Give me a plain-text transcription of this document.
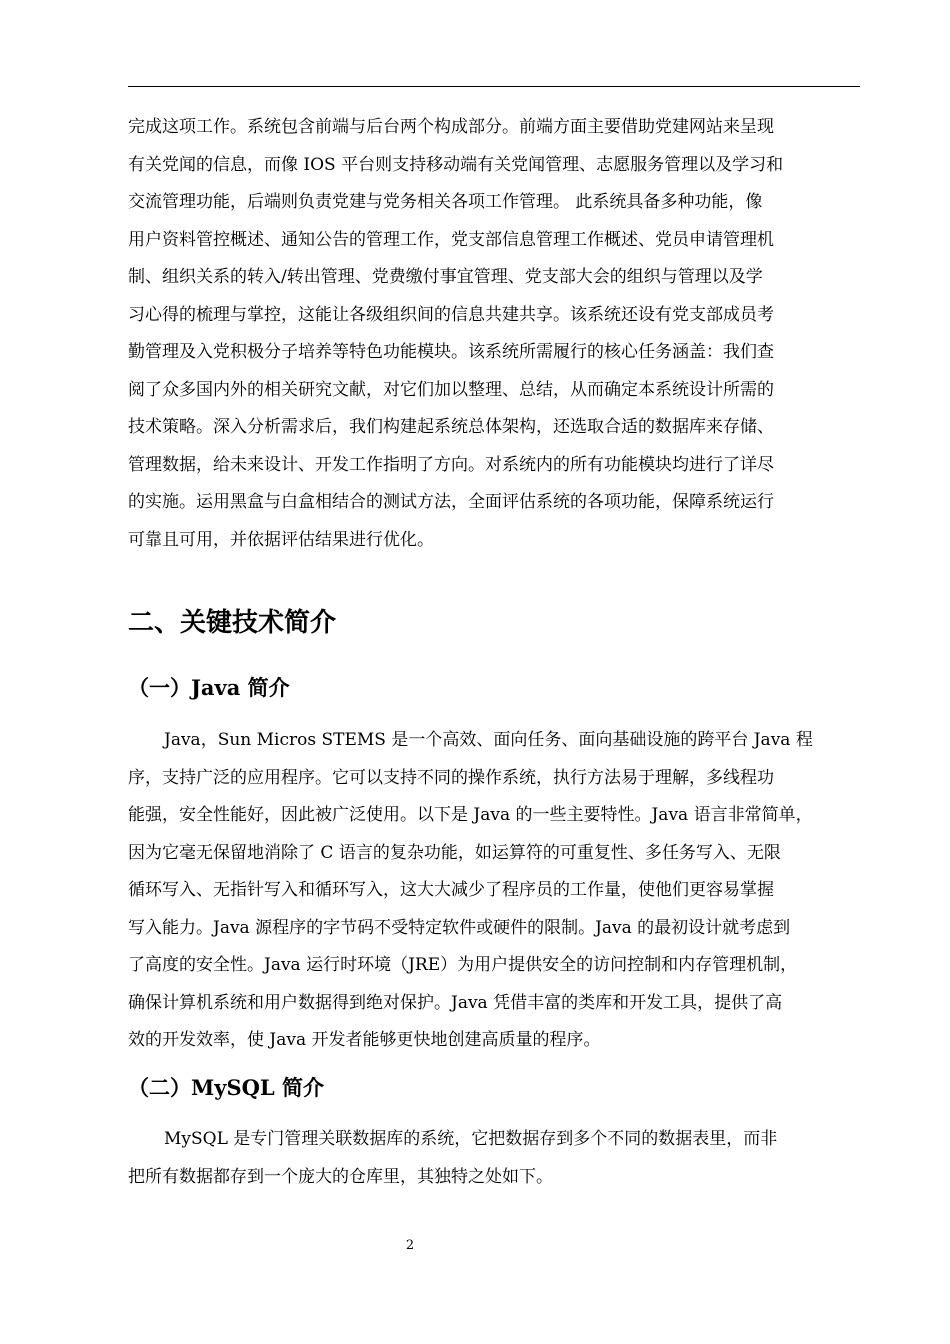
完成这项工作。系统包含前端与后台两个构成部分。前端方面主要借助党建网站来呈现
有关党闻的信息，而像 IOS 平台则支持移动端有关党闻管理、志愿服务管理以及学习和
交流管理功能，后端则负责党建与党务相关各项工作管理。 此系统具备多种功能，像
用户资料管控概述、通知公告的管理工作，党支部信息管理工作概述、党员申请管理机
制、组织关系的转入/转出管理、党费缴付事宜管理、党支部大会的组织与管理以及学
习心得的梳理与掌控，这能让各级组织间的信息共建共享。该系统还设有党支部成员考
勤管理及入党积极分子培养等特色功能模块。该系统所需履行的核心任务涵盖：我们查
阅了众多国内外的相关研究文献，对它们加以整理、总结，从而确定本系统设计所需的
技术策略。深入分析需求后，我们构建起系统总体架构，还选取合适的数据库来存储、
管理数据，给未来设计、开发工作指明了方向。对系统内的所有功能模块均进行了详尽
的实施。运用黑盒与白盒相结合的测试方法，全面评估系统的各项功能，保障系统运行
可靠且可用，并依据评估结果进行优化。
二、关键技术简介
（一）Java 简介
Java，Sun Micros STEMS 是一个高效、面向任务、面向基础设施的跨平台 Java 程
序，支持广泛的应用程序。它可以支持不同的操作系统，执行方法易于理解，多线程功
能强，安全性能好，因此被广泛使用。以下是 Java 的一些主要特性。Java 语言非常简单，
因为它毫无保留地消除了 C 语言的复杂功能，如运算符的可重复性、多任务写入、无限
循环写入、无指针写入和循环写入，这大大减少了程序员的工作量，使他们更容易掌握
写入能力。Java 源程序的字节码不受特定软件或硬件的限制。Java 的最初设计就考虑到
了高度的安全性。Java 运行时环境（JRE）为用户提供安全的访问控制和内存管理机制，
确保计算机系统和用户数据得到绝对保护。Java 凭借丰富的类库和开发工具，提供了高
效的开发效率，使 Java 开发者能够更快地创建高质量的程序。
（二）MySQL 简介
MySQL 是专门管理关联数据库的系统，它把数据存到多个不同的数据表里，而非
把所有数据都存到一个庞大的仓库里，其独特之处如下。
2
